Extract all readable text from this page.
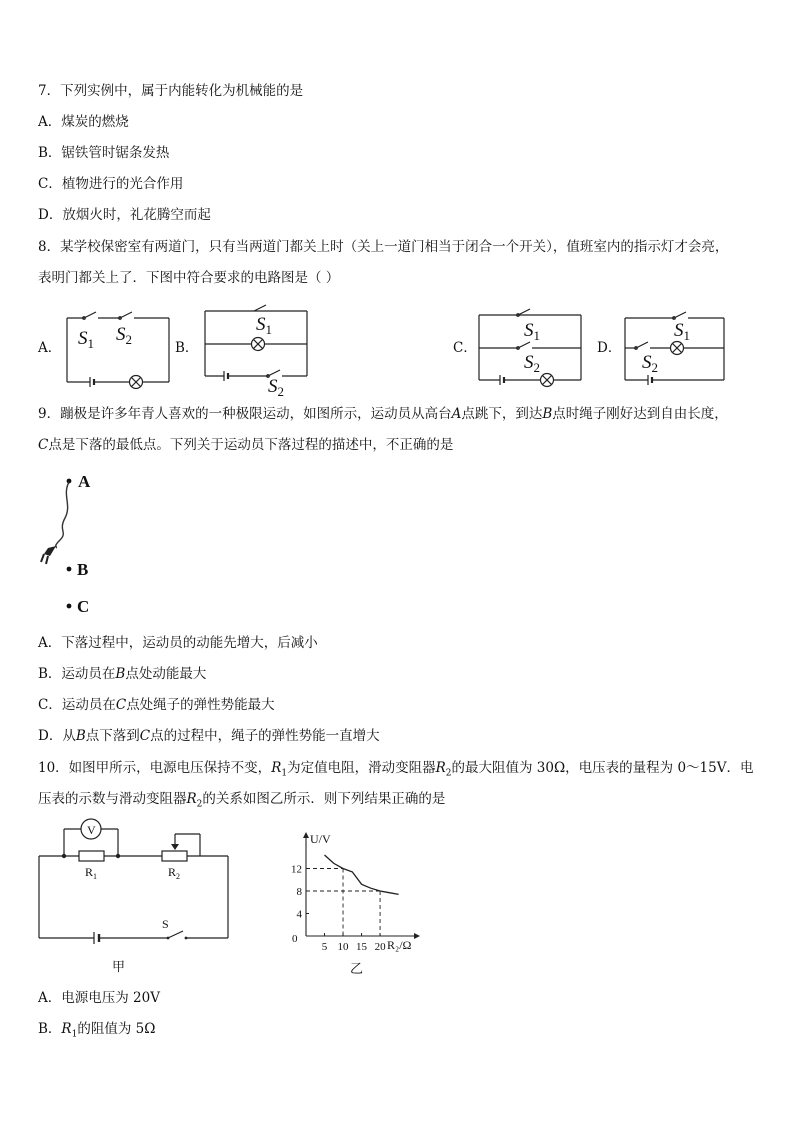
7．下列实例中，属于内能转化为机械能的是
A．煤炭的燃烧
B．锯铁管时锯条发热
C．植物进行的光合作用
D．放烟火时，礼花腾空而起
8．某学校保密室有两道门，只有当两道门都关上时（关上一道门相当于闭合一个开关），值班室内的指示灯才会亮，
表明门都关上了．下图中符合要求的电路图是（ ）
A．	B．	C．	D．
$S_1$ $S_2$
$S_1$
$S_2$
$S_1$
$S_2$
$S_1$
$S_2$
9．蹦极是许多年青人喜欢的一种极限运动，如图所示，运动员从高台A点跳下，到达B点时绳子刚好达到自由长度，
C点是下落的最低点。下列关于运动员下落过程的描述中，不正确的是
A
B
C
A．下落过程中，运动员的动能先增大，后减小
B．运动员在B点处动能最大
C．运动员在C点处绳子的弹性势能最大
D．从B点下落到C点的过程中，绳子的弹性势能一直增大
10．如图甲所示，电源电压保持不变，$R_1$为定值电阻，滑动变阻器$R_2$的最大阻值为 30Ω，电压表的量程为 0～15V．电
压表的示数与滑动变阻器$R_2$的关系如图乙所示．则下列结果正确的是
V
$R_1$	$R_2$
S
甲
U/V
R₂/Ω
0
乙
5 10 15 20
4
8
12
A．电源电压为 20V
B．$R_1$的阻值为 5Ω
